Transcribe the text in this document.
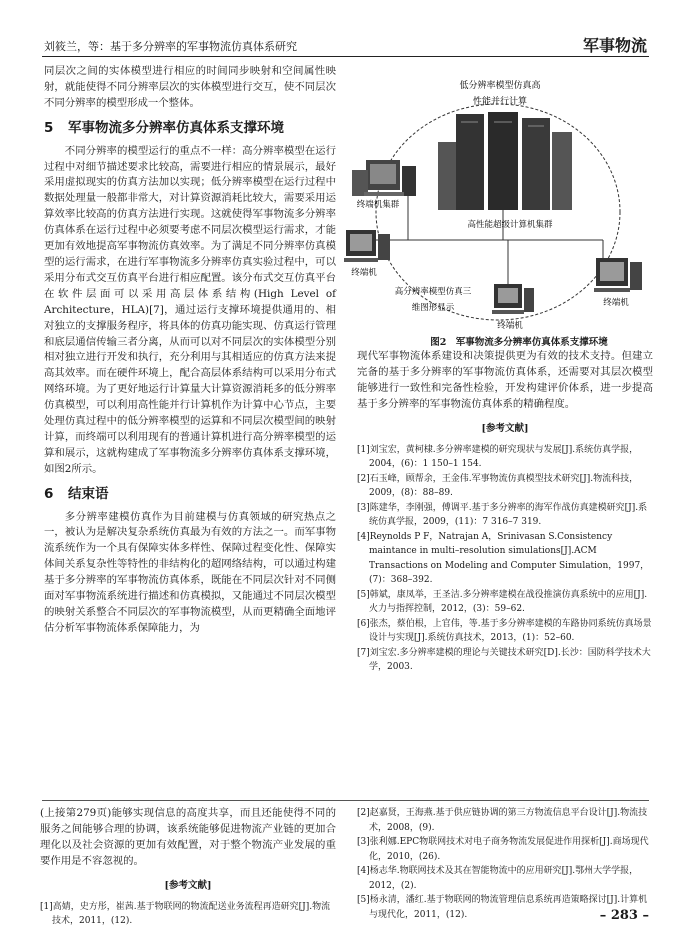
刘筱兰，等：基于多分辨率的军事物流仿真体系研究	军事物流

同层次之间的实体模型进行相应的时间同步映射和空间属性映射，就能使得不同分辨率层次的实体模型进行交互，使不同层次不同分辨率的模型形成一个整体。

5 军事物流多分辨率仿真体系支撑环境

不同分辨率的模型运行的重点不一样：高分辨率模型在运行过程中对细节描述要求比较高，需要进行相应的情景展示，最好采用虚拟现实的仿真方法加以实现；低分辨率模型在运行过程中数据处理量一般都非常大，对计算资源消耗比较大，需要采用运算效率比较高的仿真方法进行实现。这就使得军事物流多分辨率仿真体系在运行过程中必须要考虑不同层次模型运行需求，才能更加有效地提高军事物流仿真效率。为了满足不同分辨率仿真模型的运行需求，在进行军事物流多分辨率仿真实验过程中，可以采用分布式交互仿真平台进行相应配置。该分布式交互仿真平台在软件层面可以采用高层体系结构(High Level of Architecture，HLA)[7]，通过运行支撑环境提供通用的、相对独立的支撑服务程序，将具体的仿真功能实现、仿真运行管理和底层通信传输三者分离，从而可以对不同层次的实体模型分别相对独立进行开发和执行，充分利用与其相适应的仿真方法来提高其效率。而在硬件环境上，配合高层体系结构可以采用分布式网络环境。为了更好地运行计算量大计算资源消耗多的低分辨率仿真模型，可以利用高性能并行计算机作为计算中心节点，主要处理仿真过程中的低分辨率模型的运算和不同层次模型间的映射计算，而终端可以利用现有的普通计算机进行高分辨率模型的运算和展示，这就构建成了军事物流多分辨率仿真体系支撑环境，如图2所示。

6 结束语

多分辨率建模仿真作为目前建模与仿真领域的研究热点之一，被认为是解决复杂系统仿真最为有效的方法之一。而军事物流系统作为一个具有保障实体多样性、保障过程变化性、保障实体间关系复杂性等特性的非结构化的超网络结构，可以通过构建基于多分辨率的军事物流仿真体系，既能在不同层次针对不同侧面对军事物流系统进行描述和仿真模拟，又能通过不同层次模型的映射关系整合不同层次的军事物流模型，从而更精确全面地评估分析军事物流体系保障能力，为

低分辨率模型仿真高
性能并行计算
终端机集群
高性能超级计算机集群
终端机
终端机
高分辨率模型仿真三
维图形显示
终端机
图2　军事物流多分辨率仿真体系支撑环境

现代军事物流体系建设和决策提供更为有效的技术支持。但建立完备的基于多分辨率的军事物流仿真体系，还需要对其层次模型能够进行一致性和完备性检验，开发构建评价体系，进一步提高基于多分辨率的军事物流仿真体系的精确程度。

[参考文献]
[1]刘宝宏，黄柯棣.多分辨率建模的研究现状与发展[J].系统仿真学报，2004，(6)：1 150–1 154.
[2]石玉峰，顾帮余，王金伟.军事物流仿真模型技术研究[J].物流科技，2009，(8)：88–89.
[3]陈建华，李刚强，傅调平.基于多分辨率的海军作战仿真建模研究[J].系统仿真学报，2009，(11)：7 316–7 319.
[4]Reynolds P F，Natrajan A，Srinivasan S.Consistency maintance in multi–resolution simulations[J].ACM Transactions on Modeling and Computer Simulation，1997，(7)：368–392.
[5]韩斌，康凤举，王圣洁.多分辨率建模在战役推演仿真系统中的应用[J].火力与指挥控制，2012，(3)：59–62.
[6]张杰，蔡伯根，上官伟，等.基于多分辨率建模的车路协同系统仿真场景设计与实现[J].系统仿真技术，2013，(1)：52–60.
[7]刘宝宏.多分辨率建模的理论与关键技术研究[D].长沙：国防科学技术大学，2003.

(上接第279页)能够实现信息的高度共享，而且还能使得不同的服务之间能够合理的协调，该系统能够促进物流产业链的更加合理化以及社会资源的更加有效配置，对于整个物流产业发展的重要作用是不容忽视的。

[参考文献]
[1]高婧，史方彤，崔茜.基于物联网的物流配送业务流程再造研究[J].物流技术，2011，(12).
[2]赵嘉贤，王海燕.基于供应链协调的第三方物流信息平台设计[J].物流技术，2008，(9).
[3]张利娜.EPC物联网技术对电子商务物流发展促进作用探析[J].商场现代化，2010，(26).
[4]杨志华.物联网技术及其在智能物流中的应用研究[J].鄂州大学学报，2012，(2).
[5]杨永清，潘红.基于物联网的物流管理信息系统再造策略探讨[J].计算机与现代化，2011，(12).	– 283 –
